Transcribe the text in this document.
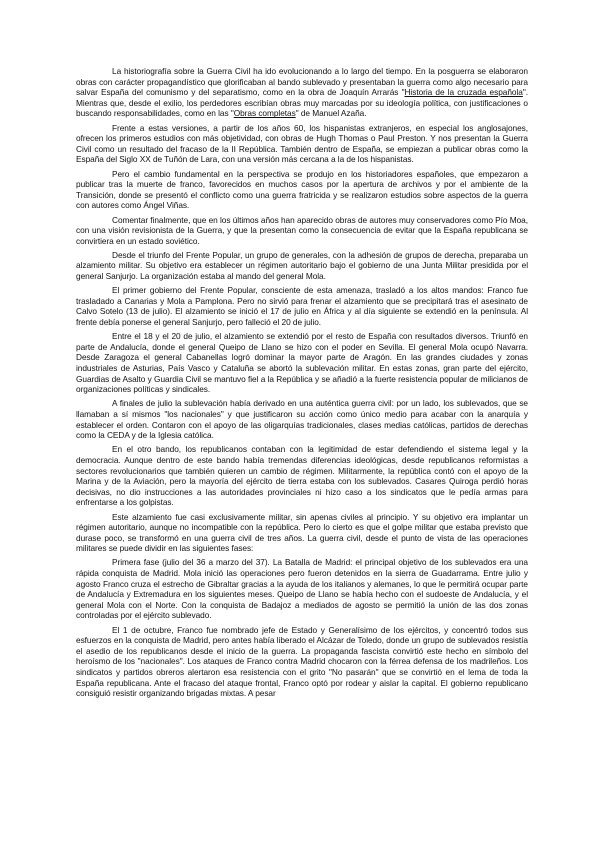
La historiografía sobre la Guerra Civil ha ido evolucionando a lo largo del tiempo. En la posguerra se elaboraron obras con carácter propagandístico que glorificaban al bando sublevado y presentaban la guerra como algo necesario para salvar España del comunismo y del separatismo, como en la obra de Joaquín Arrarás "Historia de la cruzada española". Mientras que, desde el exilio, los perdedores escribían obras muy marcadas por su ideología política, con justificaciones o buscando responsabilidades, como en las "Obras completas" de Manuel Azaña.

Frente a estas versiones, a partir de los años 60, los hispanistas extranjeros, en especial los anglosajones, ofrecen los primeros estudios con más objetividad, con obras de Hugh Thomas o Paul Preston. Y nos presentan la Guerra Civil como un resultado del fracaso de la II República. También dentro de España, se empiezan a publicar obras como la España del Siglo XX de Tuñón de Lara, con una versión más cercana a la de los hispanistas.

Pero el cambio fundamental en la perspectiva se produjo en los historiadores españoles, que empezaron a publicar tras la muerte de franco, favorecidos en muchos casos por la apertura de archivos y por el ambiente de la Transición, donde se presentó el conflicto como una guerra fratricida y se realizaron estudios sobre aspectos de la guerra con autores como Ángel Viñas.

Comentar finalmente, que en los últimos años han aparecido obras de autores muy conservadores como Pío Moa, con una visión revisionista de la Guerra, y que la presentan como la consecuencia de evitar que la España republicana se convirtiera en un estado soviético.

Desde el triunfo del Frente Popular, un grupo de generales, con la adhesión de grupos de derecha, preparaba un alzamiento militar. Su objetivo era establecer un régimen autoritario bajo el gobierno de una Junta Militar presidida por el general Sanjurjo. La organización estaba al mando del general Mola.

El primer gobierno del Frente Popular, consciente de esta amenaza, trasladó a los altos mandos: Franco fue trasladado a Canarias y Mola a Pamplona. Pero no sirvió para frenar el alzamiento que se precipitará tras el asesinato de Calvo Sotelo (13 de julio). El alzamiento se inició el 17 de julio en África y al día siguiente se extendió en la península. Al frente debía ponerse el general Sanjurjo, pero falleció el 20 de julio.

Entre el 18 y el 20 de julio, el alzamiento se extendió por el resto de España con resultados diversos. Triunfó en parte de Andalucía, donde el general Queipo de Llano se hizo con el poder en Sevilla. El general Mola ocupó Navarra. Desde Zaragoza el general Cabanellas logró dominar la mayor parte de Aragón. En las grandes ciudades y zonas industriales de Asturias, País Vasco y Cataluña se abortó la sublevación militar. En estas zonas, gran parte del ejército, Guardias de Asalto y Guardia Civil se mantuvo fiel a la República y se añadió a la fuerte resistencia popular de milicianos de organizaciones políticas y sindicales.

A finales de julio la sublevación había derivado en una auténtica guerra civil: por un lado, los sublevados, que se llamaban a sí mismos "los nacionales" y que justificaron su acción como único medio para acabar con la anarquía y establecer el orden. Contaron con el apoyo de las oligarquías tradicionales, clases medias católicas, partidos de derechas como la CEDA y de la Iglesia católica.

En el otro bando, los republicanos contaban con la legitimidad de estar defendiendo el sistema legal y la democracia. Aunque dentro de este bando había tremendas diferencias ideológicas, desde republicanos reformistas a sectores revolucionarios que también quieren un cambio de régimen. Militarmente, la república contó con el apoyo de la Marina y de la Aviación, pero la mayoría del ejército de tierra estaba con los sublevados. Casares Quiroga perdió horas decisivas, no dio instrucciones a las autoridades provinciales ni hizo caso a los sindicatos que le pedía armas para enfrentarse a los golpistas.

Este alzamiento fue casi exclusivamente militar, sin apenas civiles al principio. Y su objetivo era implantar un régimen autoritario, aunque no incompatible con la república. Pero lo cierto es que el golpe militar que estaba previsto que durase poco, se transformó en una guerra civil de tres años. La guerra civil, desde el punto de vista de las operaciones militares se puede dividir en las siguientes fases:

Primera fase (julio del 36 a marzo del 37). La Batalla de Madrid: el principal objetivo de los sublevados era una rápida conquista de Madrid. Mola inició las operaciones pero fueron detenidos en la sierra de Guadarrama. Entre julio y agosto Franco cruza el estrecho de Gibraltar gracias a la ayuda de los italianos y alemanes, lo que le permitirá ocupar parte de Andalucía y Extremadura en los siguientes meses. Queipo de Llano se había hecho con el sudoeste de Andalucía, y el general Mola con el Norte. Con la conquista de Badajoz a mediados de agosto se permitió la unión de las dos zonas controladas por el ejército sublevado.

El 1 de octubre, Franco fue nombrado jefe de Estado y Generalísimo de los ejércitos, y concentró todos sus esfuerzos en la conquista de Madrid, pero antes había liberado el Alcázar de Toledo, donde un grupo de sublevados resistía el asedio de los republicanos desde el inicio de la guerra. La propaganda fascista convirtió este hecho en símbolo del heroísmo de los "nacionales". Los ataques de Franco contra Madrid chocaron con la férrea defensa de los madrileños. Los sindicatos y partidos obreros alertaron esa resistencia con el grito "No pasarán" que se convirtió en el lema de toda la España republicana. Ante el fracaso del ataque frontal, Franco optó por rodear y aislar la capital. El gobierno republicano consiguió resistir organizando brigadas mixtas. A pesar
